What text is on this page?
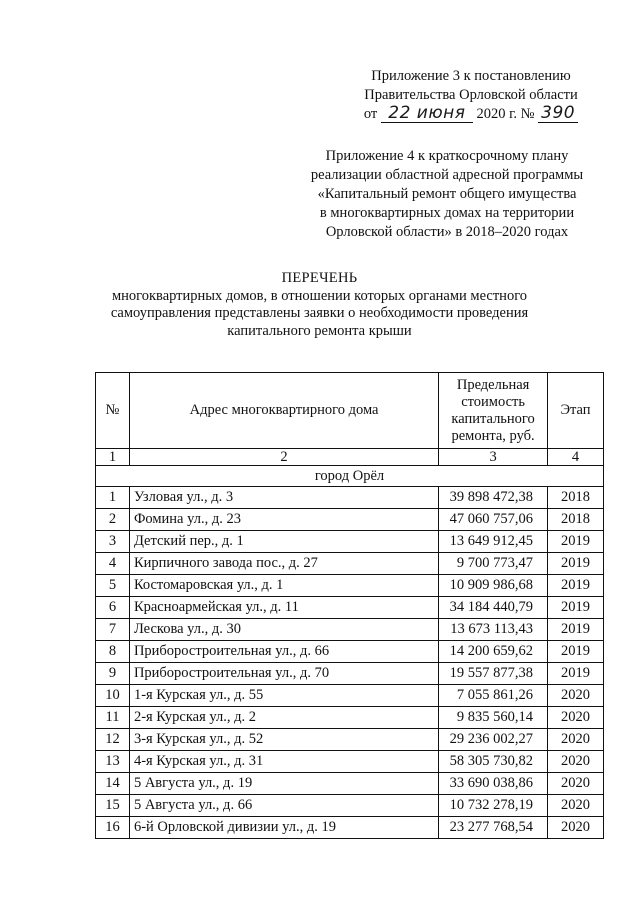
Приложение 3 к постановлению
Правительства Орловской области
от 22 июня 2020 г. № 390
Приложение 4 к краткосрочному плану
реализации областной адресной программы
«Капитальный ремонт общего имущества
в многоквартирных домах на территории
Орловской области» в 2018–2020 годах
ПЕРЕЧЕНЬ
многоквартирных домов, в отношении которых органами местного
самоуправления представлены заявки о необходимости проведения
капитального ремонта крыши
№	Адрес многоквартирного дома	Предельная стоимость капитального ремонта, руб.	Этап
1	2	3	4
город Орёл			
1	Узловая ул., д. 3	39 898 472,38	2018
2	Фомина ул., д. 23	47 060 757,06	2018
3	Детский пер., д. 1	13 649 912,45	2019
4	Кирпичного завода пос., д. 27	9 700 773,47	2019
5	Костомаровская ул., д. 1	10 909 986,68	2019
6	Красноармейская ул., д. 11	34 184 440,79	2019
7	Лескова ул., д. 30	13 673 113,43	2019
8	Приборостроительная ул., д. 66	14 200 659,62	2019
9	Приборостроительная ул., д. 70	19 557 877,38	2019
10	1-я Курская ул., д. 55	7 055 861,26	2020
11	2-я Курская ул., д. 2	9 835 560,14	2020
12	3-я Курская ул., д. 52	29 236 002,27	2020
13	4-я Курская ул., д. 31	58 305 730,82	2020
14	5 Августа ул., д. 19	33 690 038,86	2020
15	5 Августа ул., д. 66	10 732 278,19	2020
16	6-й Орловской дивизии ул., д. 19	23 277 768,54	2020
